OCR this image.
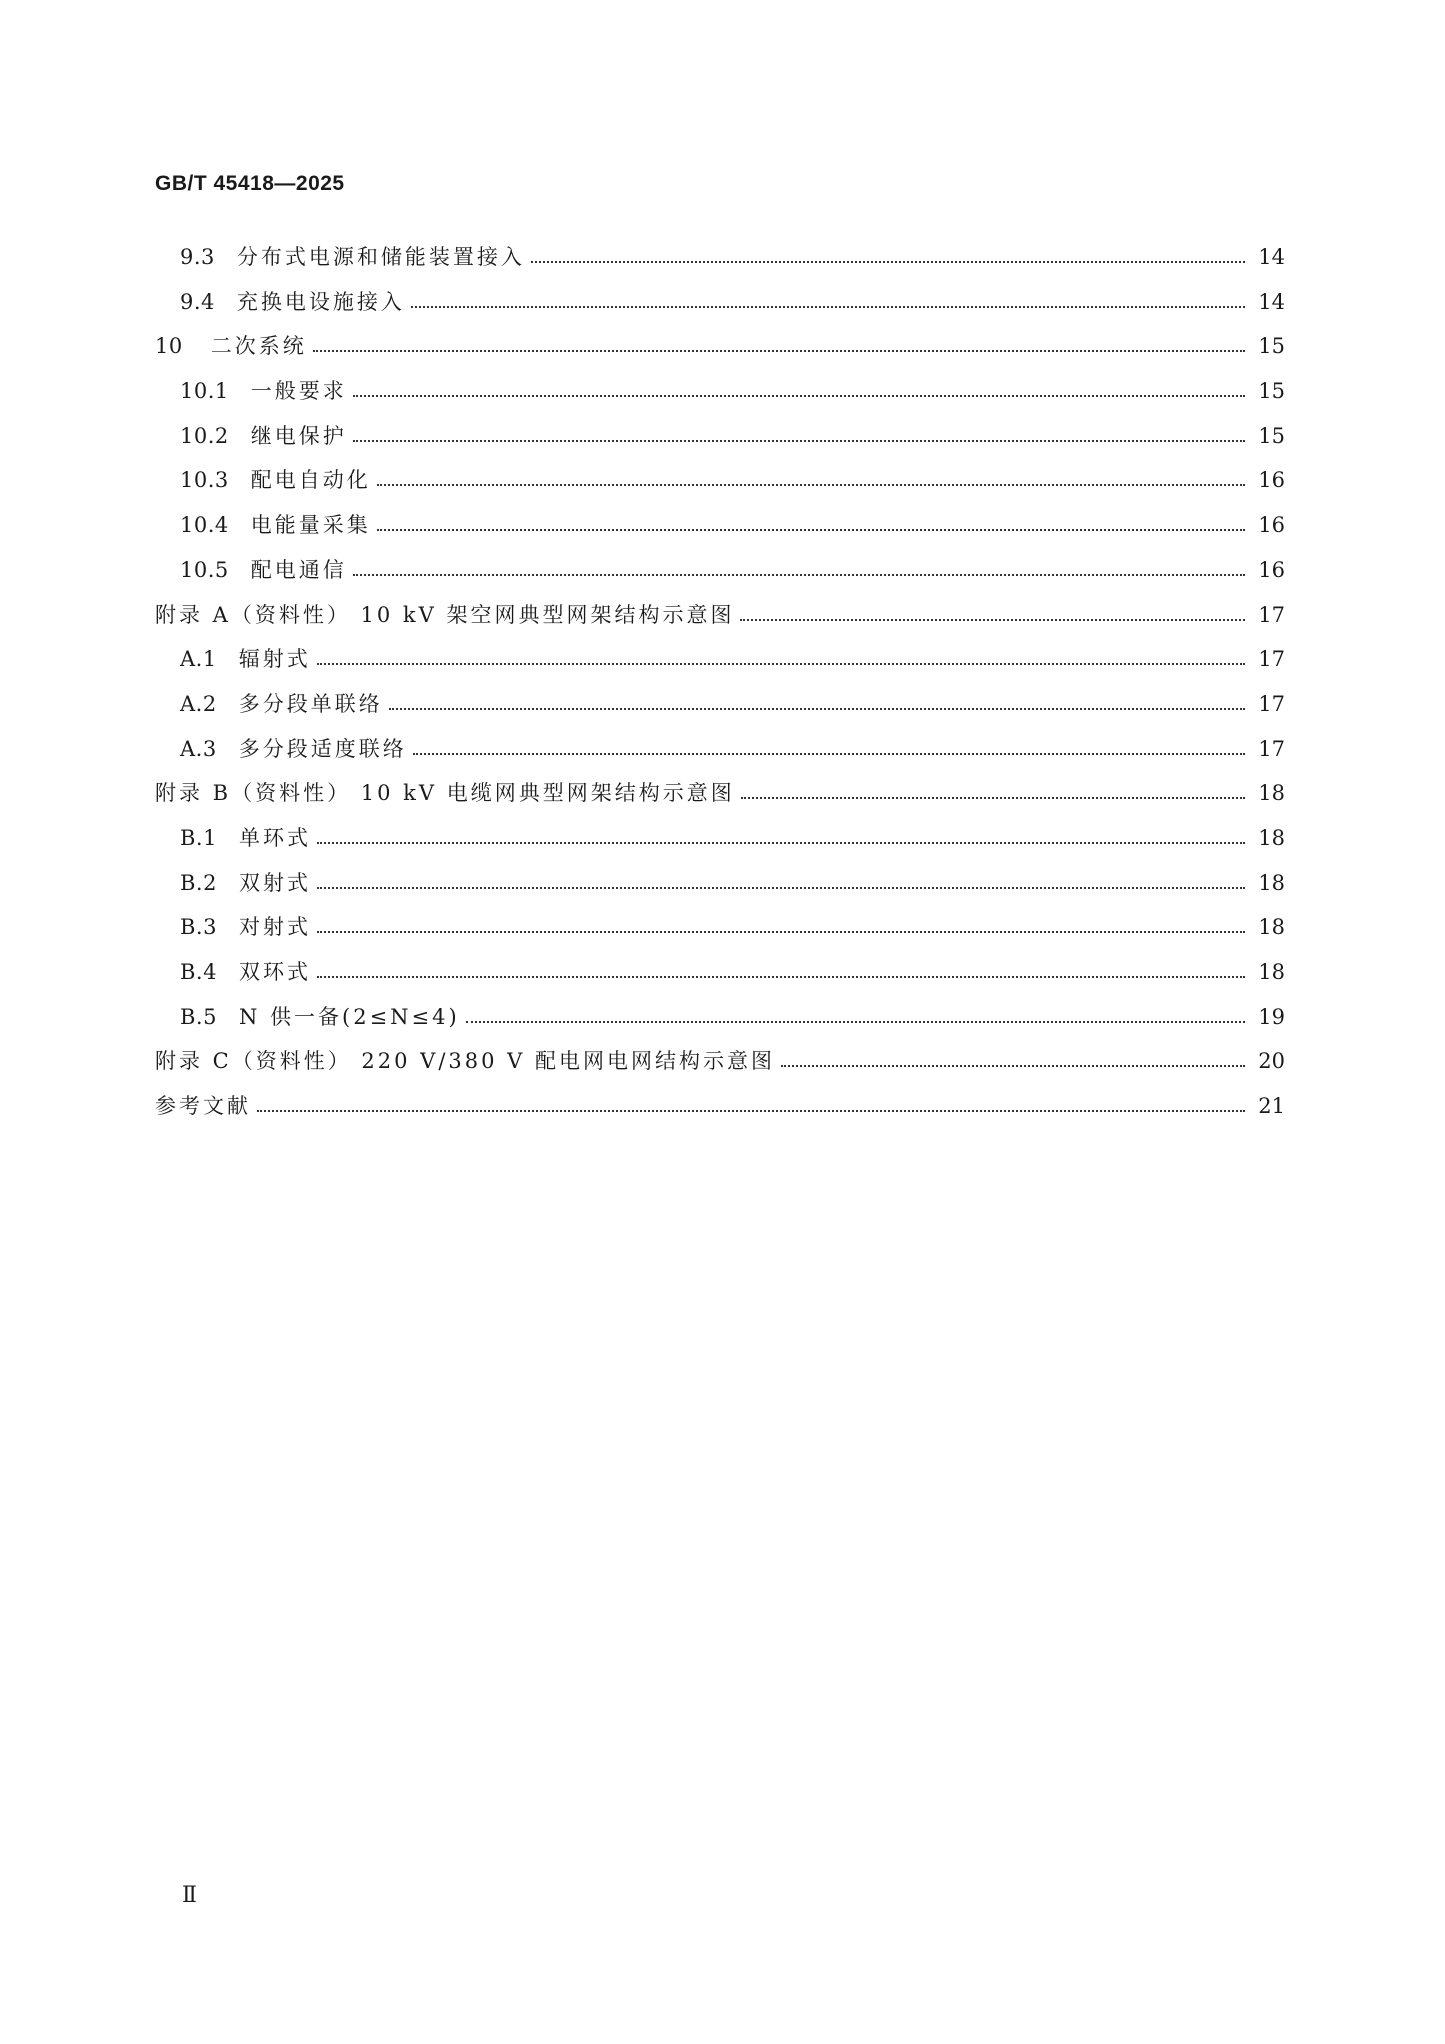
GB/T 45418—2025
9.3 分布式电源和储能装置接入	14
9.4 充换电设施接入	14
10 二次系统	15
10.1 一般要求	15
10.2 继电保护	15
10.3 配电自动化	16
10.4 电能量采集	16
10.5 配电通信	16
附录 A（资料性） 10 kV 架空网典型网架结构示意图	17
A.1 辐射式	17
A.2 多分段单联络	17
A.3 多分段适度联络	17
附录 B（资料性） 10 kV 电缆网典型网架结构示意图	18
B.1 单环式	18
B.2 双射式	18
B.3 对射式	18
B.4 双环式	18
B.5 N 供一备(2≤N≤4)	19
附录 C（资料性） 220 V/380 V 配电网电网结构示意图	20
参考文献	21
Ⅱ
